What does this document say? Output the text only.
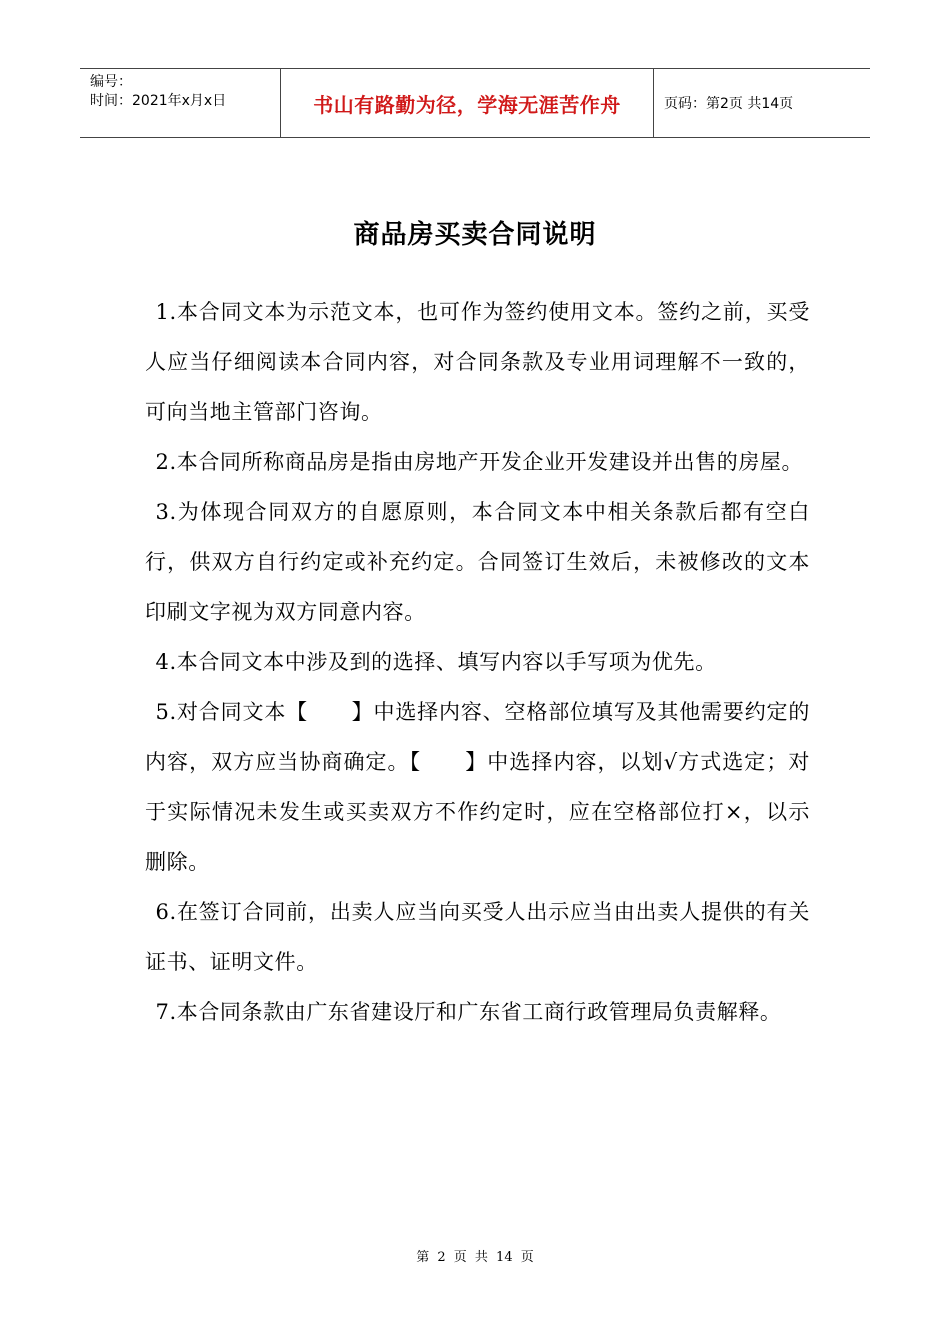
编号：
时间：2021年x月x日	书山有路勤为径，学海无涯苦作舟	页码：第2页 共14页
商品房买卖合同说明

1.本合同文本为示范文本，也可作为签约使用文本。签约之前，买受人应当仔细阅读本合同内容，对合同条款及专业用词理解不一致的，可向当地主管部门咨询。

2.本合同所称商品房是指由房地产开发企业开发建设并出售的房屋。

3.为体现合同双方的自愿原则，本合同文本中相关条款后都有空白行，供双方自行约定或补充约定。合同签订生效后，未被修改的文本印刷文字视为双方同意内容。

4.本合同文本中涉及到的选择、填写内容以手写项为优先。

5.对合同文本【　　】中选择内容、空格部位填写及其他需要约定的内容，双方应当协商确定。【　　】中选择内容，以划√方式选定；对于实际情况未发生或买卖双方不作约定时，应在空格部位打×，以示删除。

6.在签订合同前，出卖人应当向买受人出示应当由出卖人提供的有关证书、证明文件。

7.本合同条款由广东省建设厅和广东省工商行政管理局负责解释。

第 2 页 共 14 页
